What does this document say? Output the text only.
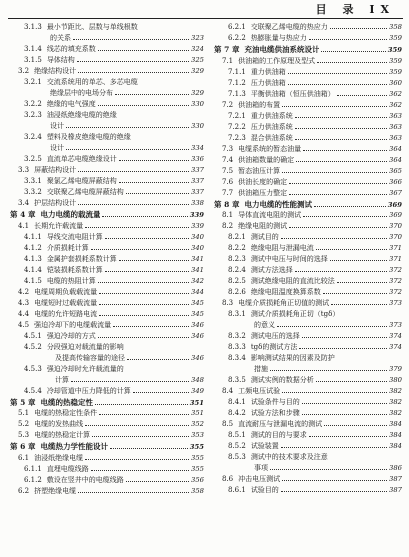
目 录 IX
3.1.3 最小节距比、层数与单线根数
的关系	323
3.1.4 线芯的填充系数	324
3.1.5 导体结构	325
3.2 绝缘结构设计	329
3.2.1 交流系统用的单芯、多芯电缆
绝缘层中的电场分布	329
3.2.2 绝缘的电气强度	330
3.2.3 油浸纸绝缘电缆的绝缘
设计	330
3.2.4 塑料及橡皮绝缘电缆的绝缘
设计	334
3.2.5 直流单芯电缆绝缘设计	336
3.3 屏蔽结构设计	337
3.3.1 聚氯乙烯电缆屏蔽结构	337
3.3.2 交联聚乙烯电缆屏蔽结构	337
3.4 护层结构设计	338
第 4 章 电力电缆的载流量	339
4.1 长期允许载流量	339
4.1.1 导线交流电阻计算	340
4.1.2 介质损耗计算	340
4.1.3 金属护套损耗系数计算	341
4.1.4 铠装损耗系数计算	341
4.1.5 电缆的热阻计算	342
4.2 电缆周期负载载流量	344
4.3 电缆短时过载载流量	345
4.4 电缆的允许短路电流	345
4.5 强迫冷却下的电缆载流量	346
4.5.1 强迫冷却的方式	346
4.5.2 分段强迫对载流量的影响
及提高传输容量的途径	346
4.5.3 强迫冷却时允许载流量的
计算	348
4.5.4 冷却管道中压力降低的计算	349
第 5 章 电缆的热稳定性	351
5.1 电缆的热稳定性条件	351
5.2 电缆的发热曲线	352
5.3 电缆的热稳定计算	353
第 6 章 电缆热力学性能设计	355
6.1 油浸纸绝缘电缆	355
6.1.1 直埋电缆线路	355
6.1.2 敷设在竖井中的电缆线路	356
6.2 挤塑绝缘电缆	358
6.2.1 交联聚乙烯电缆的热应力	358
6.2.2 热膨胀量与热应力	359
第 7 章 充油电缆供油系统设计	359
7.1 供油箱的工作原理及型式	359
7.1.1 重力供油箱	359
7.1.2 压力供油箱	360
7.1.3 平衡供油箱（恒压供油箱）	362
7.2 供油箱的布置	362
7.2.1 重力供油系统	363
7.2.2 压力供油系统	363
7.2.3 混合供油系统	363
7.3 电缆系统的暂态油量	364
7.4 供油箱数量的确定	364
7.5 暂态油压计算	365
7.6 供油长度的确定	366
7.7 供油箱压力整定	367
第 8 章 电力电缆的性能测试	369
8.1 导体直流电阻的测试	369
8.2 绝缘电阻的测试	370
8.2.1 测试目的	370
8.2.2 绝缘电阻与泄漏电流	371
8.2.3 测试中电压与时间的选择	371
8.2.4 测试方法选择	372
8.2.5 测试绝缘电阻的直流比较法	372
8.2.6 绝缘电阻温度换算系数	372
8.3 电缆介质损耗角正切值的测试	373
8.3.1 测试介质损耗角正切（tgδ）
的意义	373
8.3.2 测试电压的选择	374
8.3.3 tgδ的测试方法	374
8.3.4 影响测试结果的因素及防护
措施	379
8.3.5 测试实例的数据分析	380
8.4 工频电压试验	382
8.4.1 试验条件与目的	382
8.4.2 试验方法和步骤	382
8.5 直流耐压与泄漏电流的测试	384
8.5.1 测试的目的与要求	384
8.5.2 试验装置	384
8.5.3 测试中的技术要求及注意
事项	386
8.6 冲击电压测试	387
8.6.1 试验目的	387
